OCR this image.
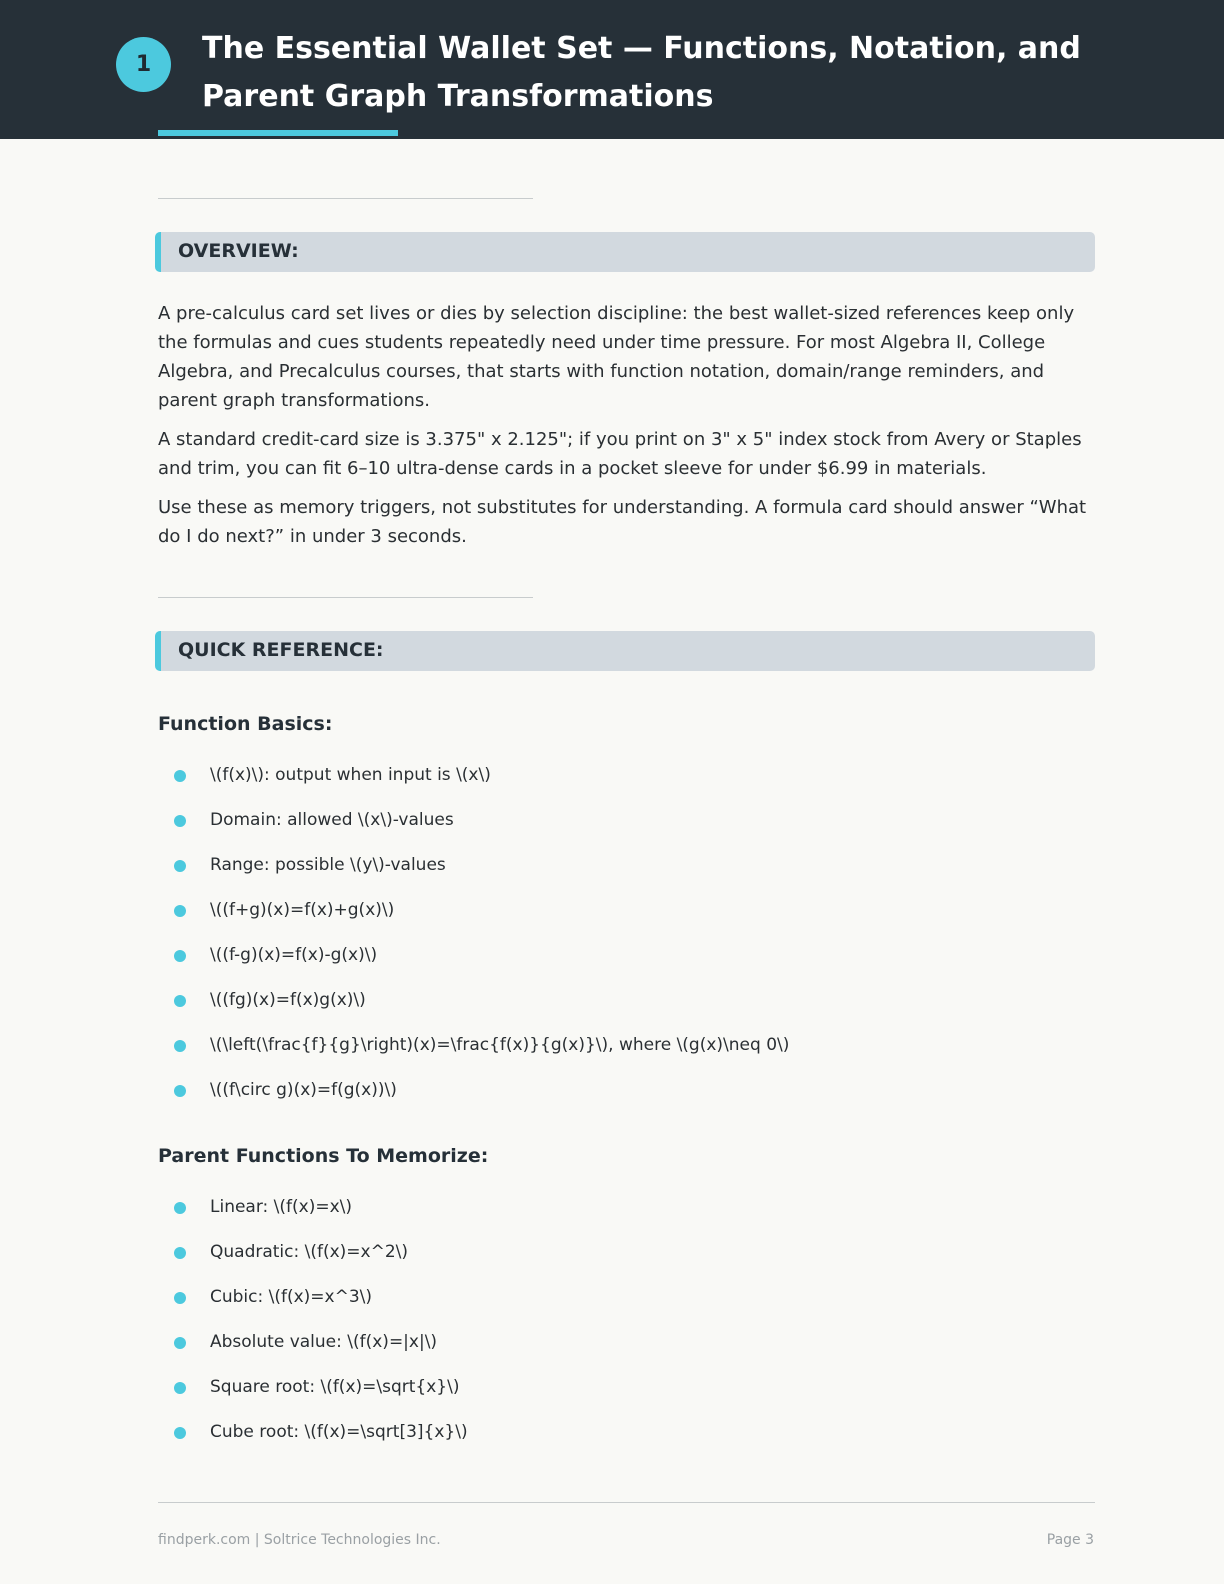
1	The Essential Wallet Set — Functions, Notation, and Parent Graph Transformations
OVERVIEW:

A pre-calculus card set lives or dies by selection discipline: the best wallet-sized references keep only the formulas and cues students repeatedly need under time pressure. For most Algebra II, College Algebra, and Precalculus courses, that starts with function notation, domain/range reminders, and parent graph transformations.

A standard credit-card size is 3.375" x 2.125"; if you print on 3" x 5" index stock from Avery or Staples and trim, you can fit 6–10 ultra-dense cards in a pocket sleeve for under $6.99 in materials.

Use these as memory triggers, not substitutes for understanding. A formula card should answer “What do I do next?” in under 3 seconds.

QUICK REFERENCE:
Function Basics:
\(f(x)\): output when input is \(x\)
Domain: allowed \(x\)-values
Range: possible \(y\)-values
\((f+g)(x)=f(x)+g(x)\)
\((f-g)(x)=f(x)-g(x)\)
\((fg)(x)=f(x)g(x)\)
\(\left(\frac{f}{g}\right)(x)=\frac{f(x)}{g(x)}\), where \(g(x)\neq 0\)
\((f\circ g)(x)=f(g(x))\)
Parent Functions To Memorize:
Linear: \(f(x)=x\)
Quadratic: \(f(x)=x^2\)
Cubic: \(f(x)=x^3\)
Absolute value: \(f(x)=|x|\)
Square root: \(f(x)=\sqrt{x}\)
Cube root: \(f(x)=\sqrt[3]{x}\)
findperk.com | Soltrice Technologies Inc.	Page 3
